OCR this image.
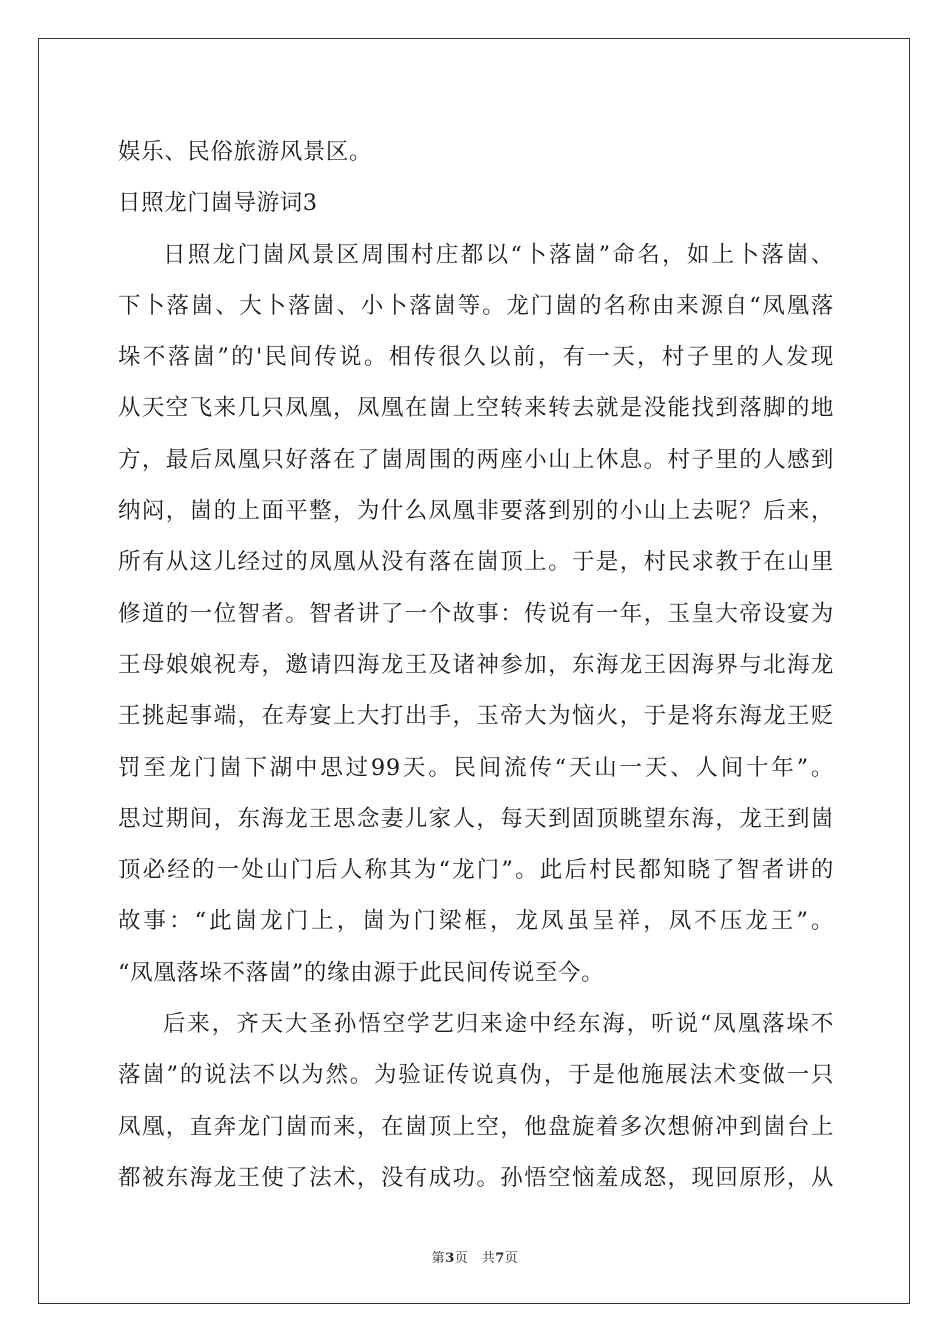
娱乐、民俗旅游风景区。
日照龙门崮导游词3
日照龙门崮风景区周围村庄都以“卜落崮”命名，如上卜落崮、
下卜落崮、大卜落崮、小卜落崮等。龙门崮的名称由来源自“凤凰落
垛不落崮”的'民间传说。相传很久以前，有一天，村子里的人发现
从天空飞来几只凤凰，凤凰在崮上空转来转去就是没能找到落脚的地
方，最后凤凰只好落在了崮周围的两座小山上休息。村子里的人感到
纳闷，崮的上面平整，为什么凤凰非要落到别的小山上去呢？后来，
所有从这儿经过的凤凰从没有落在崮顶上。于是，村民求教于在山里
修道的一位智者。智者讲了一个故事：传说有一年，玉皇大帝设宴为
王母娘娘祝寿，邀请四海龙王及诸神参加，东海龙王因海界与北海龙
王挑起事端，在寿宴上大打出手，玉帝大为恼火，于是将东海龙王贬
罚至龙门崮下湖中思过99天。民间流传“天山一天、人间十年”。
思过期间，东海龙王思念妻儿家人，每天到固顶眺望东海，龙王到崮
顶必经的一处山门后人称其为“龙门”。此后村民都知晓了智者讲的
故事：“此崮龙门上，崮为门梁框，龙凤虽呈祥，凤不压龙王”。
“凤凰落垛不落崮”的缘由源于此民间传说至今。
后来，齐天大圣孙悟空学艺归来途中经东海，听说“凤凰落垛不
落崮”的说法不以为然。为验证传说真伪，于是他施展法术变做一只
凤凰，直奔龙门崮而来，在崮顶上空，他盘旋着多次想俯冲到崮台上
都被东海龙王使了法术，没有成功。孙悟空恼羞成怒，现回原形，从
第3页　共7页
